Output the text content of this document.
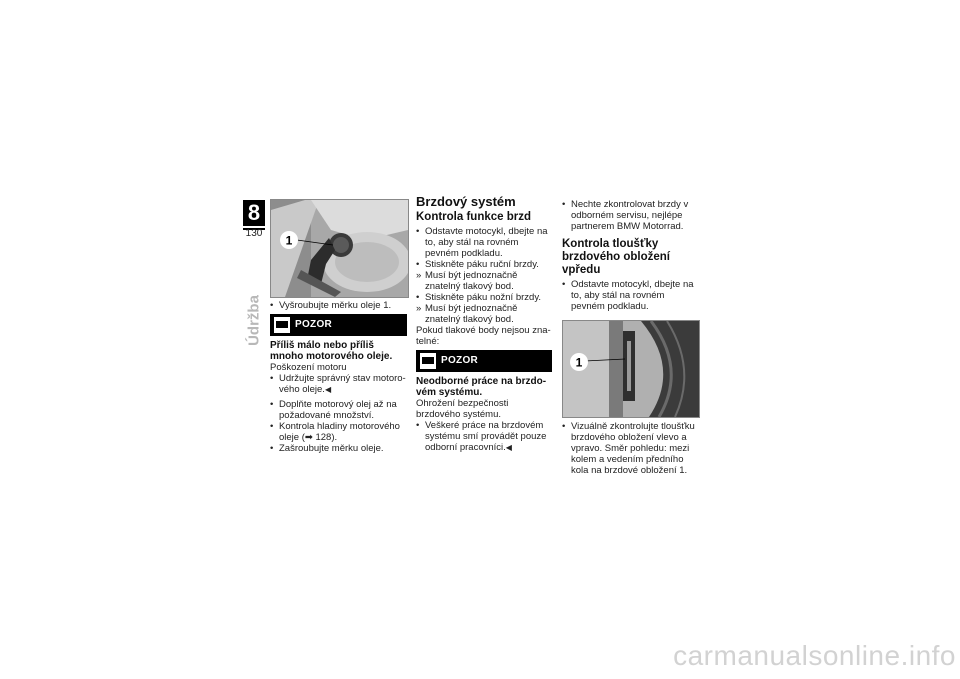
8
130
Údržba
1

• Vyšroubujte měrku oleje 1.

POZOR

Příliš málo nebo příliš mnoho motorového oleje.

Poškození motoru

• Udržujte správný stav motorového oleje.◀

• Doplňte motorový olej až na požadované množství.

• Kontrola hladiny motorového oleje (➡ 128).

• Zašroubujte měrku oleje.

Brzdový systém
Kontrola funkce brzd

• Odstavte motocykl, dbejte na to, aby stál na rovném pevném podkladu.

• Stiskněte páku ruční brzdy.

» Musí být jednoznačně znatelný tlakový bod.

• Stiskněte páku nožní brzdy.

» Musí být jednoznačně znatelný tlakový bod.

Pokud tlakové body nejsou znatelné:

POZOR

Neodborné práce na brzdovém systému.

Ohrožení bezpečnosti brzdového systému.

• Veškeré práce na brzdovém systému smí provádět pouze odborní pracovníci.◀

• Nechte zkontrolovat brzdy v odborném servisu, nejlépe partnerem BMW Motorrad.

Kontrola tloušťky brzdového obložení vpředu

• Odstavte motocykl, dbejte na to, aby stál na rovném pevném podkladu.

1

• Vizuálně zkontrolujte tloušťku brzdového obložení vlevo a vpravo. Směr pohledu: mezi kolem a vedením předního kola na brzdové obložení 1.

carmanualsonline.info
